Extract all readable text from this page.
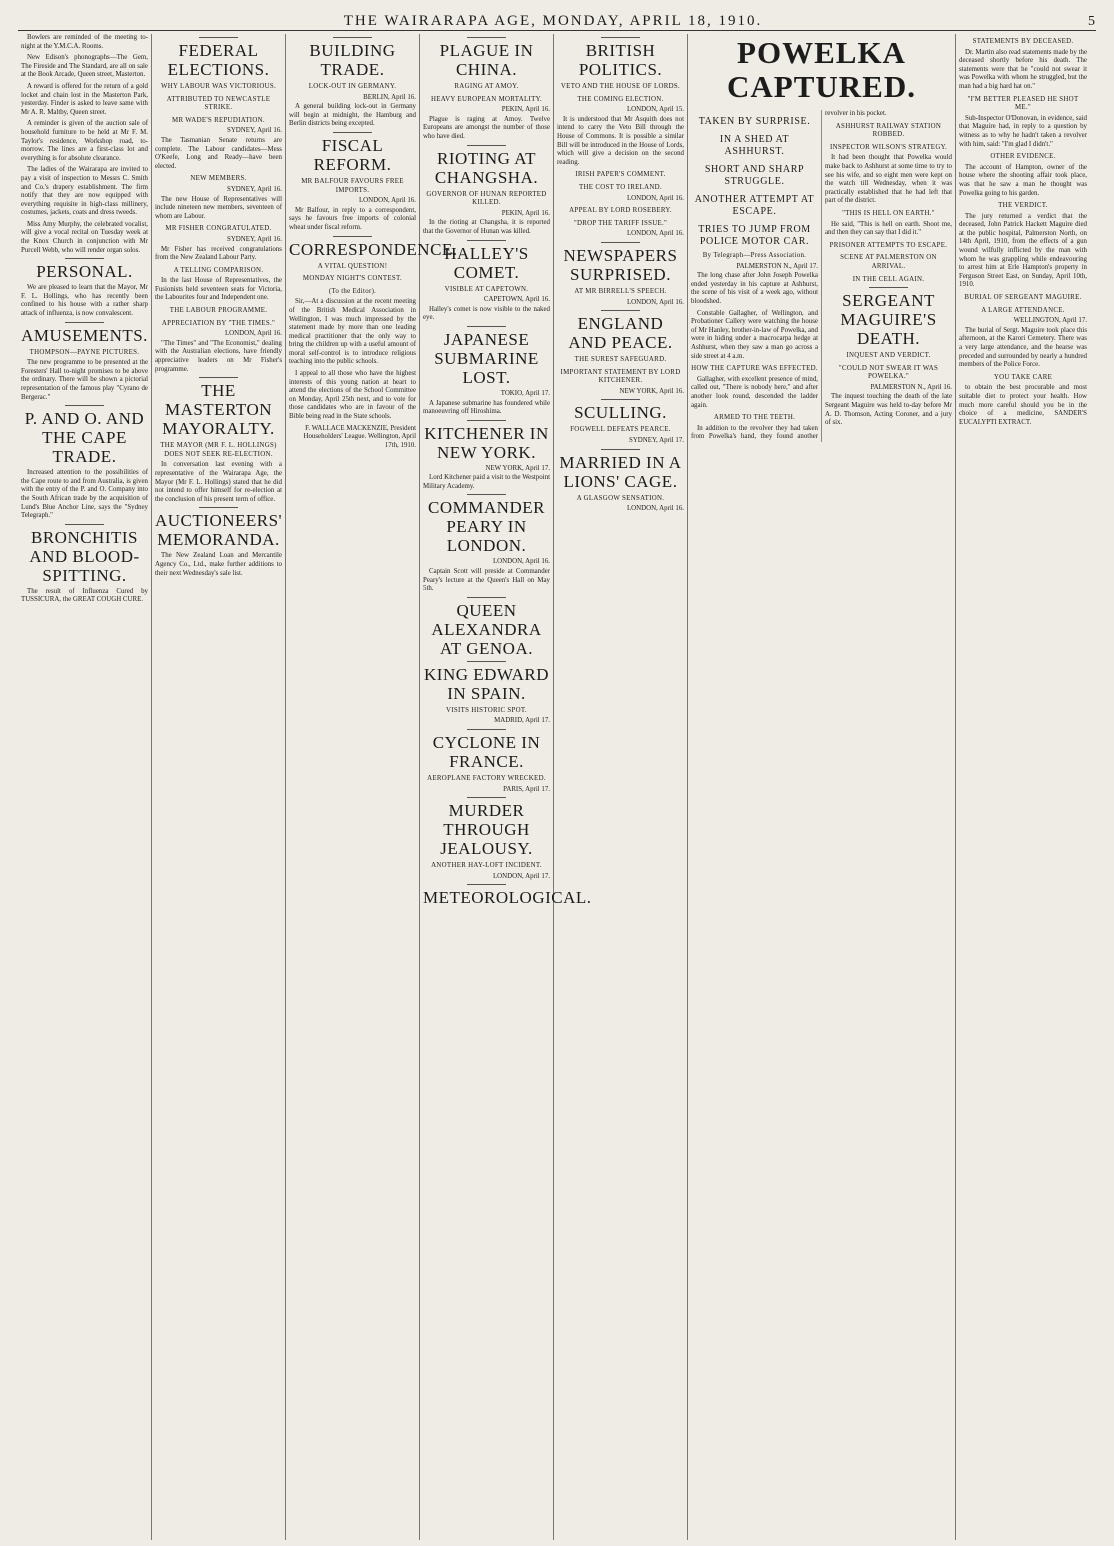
THE WAIRARAPA AGE, MONDAY, APRIL 18, 1910.	5
Bowlers are reminded of the meeting to-night at the Y.M.C.A. Rooms.
New Edison's phonographs—The Gem, The Fireside and The Standard, are all on sale at the Book Arcade, Queen street, Masterton.
A reward is offered for the return of a gold locket and chain lost in the Masterton Park, yesterday. Finder is asked to leave same with Mr A. R. Maltby, Queen street.
A reminder is given of the auction sale of household furniture to be held at Mr F. M. Taylor's residence, Workshop road, to-morrow. The lines are a first-class lot and everything is for absolute clearance.
The ladies of the Wairarapa are invited to pay a visit of inspection to Messrs C. Smith and Co.'s drapery establishment. The firm notify that they are now equipped with everything requisite in high-class millinery, costumes, jackets, coats and dress tweeds.
Miss Amy Murphy, the celebrated vocalist, will give a vocal recital on Tuesday week at the Knox Church in conjunction with Mr Purcell Webb, who will render organ solos.
PERSONAL.
We are pleased to learn that the Mayor, Mr F. L. Hollings, who has recently been confined to his house with a rather sharp attack of influenza, is now convalescent.
AMUSEMENTS.
THOMPSON—PAYNE PICTURES.
The new programme to be presented at the Foresters' Hall to-night promises to be above the ordinary. There will be shown a pictorial representation of the famous play "Cyrano de Bergerac."
P. AND O. AND THE CAPE TRADE.
Increased attention to the possibilities of the Cape route to and from Australia, is given with the entry of the P. and O. Company into the South African trade by the acquisition of Lund's Blue Anchor Line, says the "Sydney Telegraph."
BRONCHITIS AND BLOOD-SPITTING.
The result of Influenza Cured by TUSSICURA, the GREAT COUGH CURE.
FEDERAL ELECTIONS.
WHY LABOUR WAS VICTORIOUS.
ATTRIBUTED TO NEWCASTLE STRIKE.
MR WADE'S REPUDIATION.
SYDNEY, April 16.
The Tasmanian Senate returns are complete. The Labour candidates—Mess O'Keefe, Long and Ready—have been elected.
NEW MEMBERS.
SYDNEY, April 16.
The new House of Representatives will include nineteen new members, seventeen of whom are Labour.
MR FISHER CONGRATULATED.
SYDNEY, April 16.
Mr Fisher has received congratulations from the New Zealand Labour Party.
A TELLING COMPARISON.
In the last House of Representatives, the Fusionists held seventeen seats for Victoria, the Labourites four and Independent one.
THE LABOUR PROGRAMME.
APPRECIATION BY "THE TIMES."
LONDON, April 16.
"The Times" and "The Economist," dealing with the Australian elections, have friendly appreciative leaders on Mr Fisher's programme.
THE MASTERTON MAYORALTY.
THE MAYOR (MR F. L. HOLLINGS) DOES NOT SEEK RE-ELECTION.
In conversation last evening with a representative of the Wairarapa Age, the Mayor (Mr F. L. Hollings) stated that he did not intend to offer himself for re-election at the conclusion of his present term of office.
AUCTIONEERS' MEMORANDA.
The New Zealand Loan and Mercantile Agency Co., Ltd., make further additions to their next Wednesday's sale list.
BUILDING TRADE.
LOCK-OUT IN GERMANY.
BERLIN, April 16.
A general building lock-out in Germany will begin at midnight, the Hamburg and Berlin districts being excepted.
FISCAL REFORM.
MR BALFOUR FAVOURS FREE IMPORTS.
LONDON, April 16.
Mr Balfour, in reply to a correspondent, says he favours free imports of colonial wheat under fiscal reform.
CORRESPONDENCE.
A VITAL QUESTION!
MONDAY NIGHT'S CONTEST.
(To the Editor).
Sir,—At a discussion at the recent meeting of the British Medical Association in Wellington, I was much impressed by the statement made by more than one leading medical practitioner that the only way to bring the children up with a useful amount of moral self-control is to introduce religious teaching into the public schools.
I appeal to all those who have the highest interests of this young nation at heart to attend the elections of the School Committee on Monday, April 25th next, and to vote for those candidates who are in favour of the Bible being read in the State schools.
F. WALLACE MACKENZIE, President Householders' League. Wellington, April 17th, 1910.
PLAGUE IN CHINA.
RAGING AT AMOY.
HEAVY EUROPEAN MORTALITY.
PEKIN, April 16.
Plague is raging at Amoy. Twelve Europeans are amongst the number of those who have died.
RIOTING AT CHANGSHA.
GOVERNOR OF HUNAN REPORTED KILLED.
PEKIN, April 16.
In the rioting at Changsha, it is reported that the Governor of Hunan was killed.
HALLEY'S COMET.
VISIBLE AT CAPETOWN.
CAPETOWN, April 16.
Halley's comet is now visible to the naked eye.
JAPANESE SUBMARINE LOST.
TOKIO, April 17.
A Japanese submarine has foundered while manoeuvring off Hiroshima.
KITCHENER IN NEW YORK.
NEW YORK, April 17.
Lord Kitchener paid a visit to the Westpoint Military Academy.
COMMANDER PEARY IN LONDON.
LONDON, April 16.
Captain Scott will preside at Commander Peary's lecture at the Queen's Hall on May 5th.
QUEEN ALEXANDRA AT GENOA.
KING EDWARD IN SPAIN.
VISITS HISTORIC SPOT.
MADRID, April 17.
CYCLONE IN FRANCE.
AEROPLANE FACTORY WRECKED.
PARIS, April 17.
MURDER THROUGH JEALOUSY.
ANOTHER HAY-LOFT INCIDENT.
LONDON, April 17.
METEOROLOGICAL.
BRITISH POLITICS.
VETO AND THE HOUSE OF LORDS.
THE COMING ELECTION.
LONDON, April 15.
It is understood that Mr Asquith does not intend to carry the Veto Bill through the House of Commons. It is possible a similar Bill will be introduced in the House of Lords, which will give a decision on the second reading.
IRISH PAPER'S COMMENT.
THE COST TO IRELAND.
LONDON, April 16.
APPEAL BY LORD ROSEBERY.
"DROP THE TARIFF ISSUE."
LONDON, April 16.
NEWSPAPERS SURPRISED.
AT MR BIRRELL'S SPEECH.
LONDON, April 16.
ENGLAND AND PEACE.
THE SUREST SAFEGUARD.
IMPORTANT STATEMENT BY LORD KITCHENER.
NEW YORK, April 16.
SCULLING.
FOGWELL DEFEATS PEARCE.
SYDNEY, April 17.
MARRIED IN A LIONS' CAGE.
A GLASGOW SENSATION.
LONDON, April 16.
POWELKA CAPTURED.
TAKEN BY SURPRISE.
IN A SHED AT ASHHURST.
SHORT AND SHARP STRUGGLE.
ANOTHER ATTEMPT AT ESCAPE.
TRIES TO JUMP FROM POLICE MOTOR CAR.
By Telegraph—Press Association.
PALMERSTON N., April 17.
The long chase after John Joseph Powelka ended yesterday in his capture at Ashhurst, the scene of his visit of a week ago, without bloodshed.
Constable Gallagher, of Wellington, and Probationer Callery were watching the house of Mr Hanley, brother-in-law of Powelka, and were in hiding under a macrocarpa hedge at Ashhurst, when they saw a man go across a side street at 4 a.m.
HOW THE CAPTURE WAS EFFECTED.
Gallagher, with excellent presence of mind, called out, "There is nobody here," and after another look round, descended the ladder again.
ARMED TO THE TEETH.
In addition to the revolver they had taken from Powelka's hand, they found another revolver in his pocket.
ASHHURST RAILWAY STATION ROBBED.
INSPECTOR WILSON'S STRATEGY.
It had been thought that Powelka would make back to Ashhurst at some time to try to see his wife, and so eight men were kept on the watch till Wednesday, when it was practically established that he had left that part of the district.
"THIS IS HELL ON EARTH."
He said, "This is hell on earth. Shoot me, and then they can say that I did it."
PRISONER ATTEMPTS TO ESCAPE.
SCENE AT PALMERSTON ON ARRIVAL.
IN THE CELL AGAIN.
SERGEANT MAGUIRE'S DEATH.
INQUEST AND VERDICT.
"COULD NOT SWEAR IT WAS POWELKA."
PALMERSTON N., April 16.
The inquest touching the death of the late Sergeant Maguire was held to-day before Mr A. D. Thomson, Acting Coroner, and a jury of six.
STATEMENTS BY DECEASED.
Dr. Martin also read statements made by the deceased shortly before his death. The statements were that he "could not swear it was Powelka with whom he struggled, but the man had a big hard hat on."
"I'M BETTER PLEASED HE SHOT ME."
Sub-Inspector O'Donovan, in evidence, said that Maguire had, in reply to a question by witness as to why he hadn't taken a revolver with him, said: "I'm glad I didn't."
OTHER EVIDENCE.
The account of Hampton, owner of the house where the shooting affair took place, was that he saw a man he thought was Powelka going to his garden.
THE VERDICT.
The jury returned a verdict that the deceased, John Patrick Hackett Maguire died at the public hospital, Palmerston North, on 14th April, 1910, from the effects of a gun wound wilfully inflicted by the man with whom he was grappling while endeavouring to arrest him at Erle Hampton's property in Ferguson Street East, on Sunday, April 10th, 1910.
BURIAL OF SERGEANT MAGUIRE.
A LARGE ATTENDANCE.
WELLINGTON, April 17.
The burial of Sergt. Maguire took place this afternoon, at the Karori Cemetery. There was a very large attendance, and the hearse was preceded and surrounded by nearly a hundred members of the Police Force.
YOU TAKE CARE
to obtain the best procurable and most suitable diet to protect your health. How much more careful should you be in the choice of a medicine, SANDER'S EUCALYPTI EXTRACT.
